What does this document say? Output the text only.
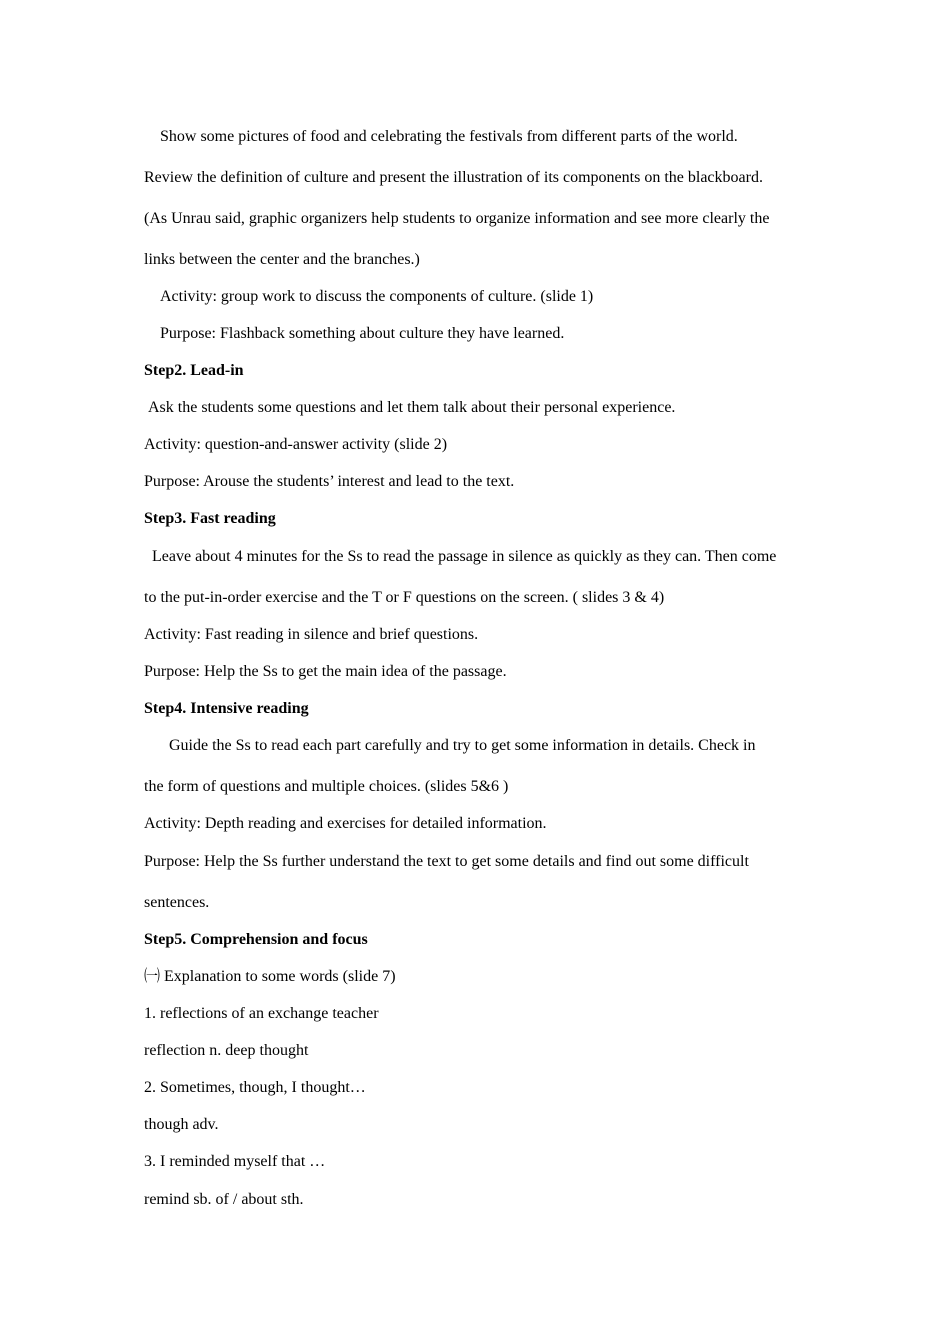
Show some pictures of food and celebrating the festivals from different parts of the world.
Review the definition of culture and present the illustration of its components on the blackboard.
(As Unrau said, graphic organizers help students to organize information and see more clearly the
links between the center and the branches.)
Activity: group work to discuss the components of culture. (slide 1)
Purpose: Flashback something about culture they have learned.
Step2. Lead-in
Ask the students some questions and let them talk about their personal experience.
Activity: question-and-answer activity (slide 2)
Purpose: Arouse the students’ interest and lead to the text.
Step3. Fast reading
Leave about 4 minutes for the Ss to read the passage in silence as quickly as they can. Then come
to the put-in-order exercise and the T or F questions on the screen. ( slides 3 & 4)
Activity: Fast reading in silence and brief questions.
Purpose: Help the Ss to get the main idea of the passage.
Step4. Intensive reading
Guide the Ss to read each part carefully and try to get some information in details. Check in
the form of questions and multiple choices. (slides 5&6 )
Activity: Depth reading and exercises for detailed information.
Purpose: Help the Ss further understand the text to get some details and find out some difficult
sentences.
Step5. Comprehension and focus
㈠ Explanation to some words (slide 7)
1. reflections of an exchange teacher
reflection n. deep thought
2. Sometimes, though, I thought…
though adv.
3. I reminded myself that …
remind sb. of / about sth.
